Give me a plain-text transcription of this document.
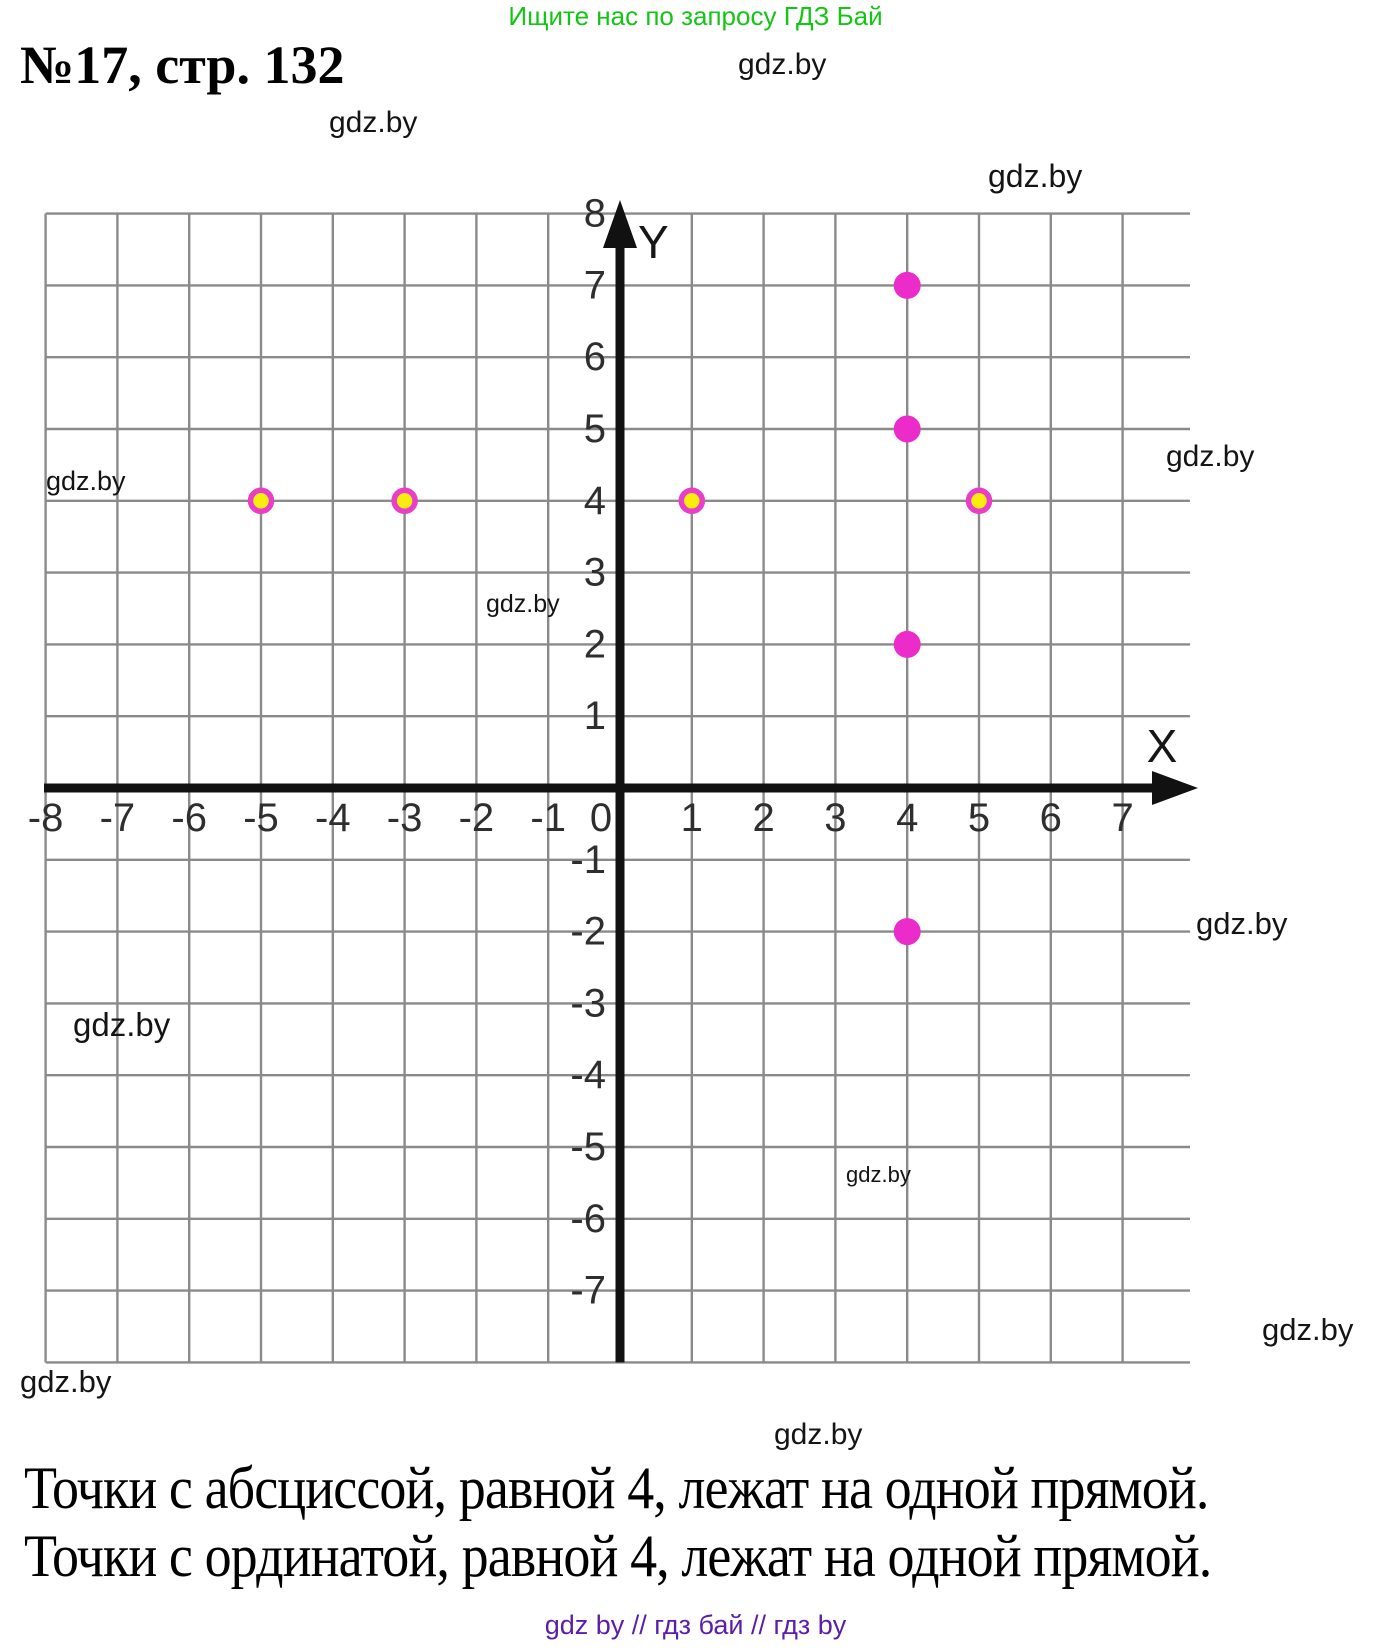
Ищите нас по запросу ГДЗ Бай
№17, стр. 132
X
Y
-8 -7 -6 -5 -4 -3 -2 -1 0 1 2 3 4 5 6 7
8
7
6
5
4
3
2
1
-1
-2
-3
-4
-5
-6
-7
gdz.by
gdz.by
gdz.by
gdz.by
gdz.by
gdz.by
gdz.by
gdz.by
gdz.by
gdz.by
gdz.by
gdz.by
Точки с абсциссой, равной 4, лежат на одной прямой.
Точки с ординатой, равной 4, лежат на одной прямой.
gdz by // гдз бай // гдз by
